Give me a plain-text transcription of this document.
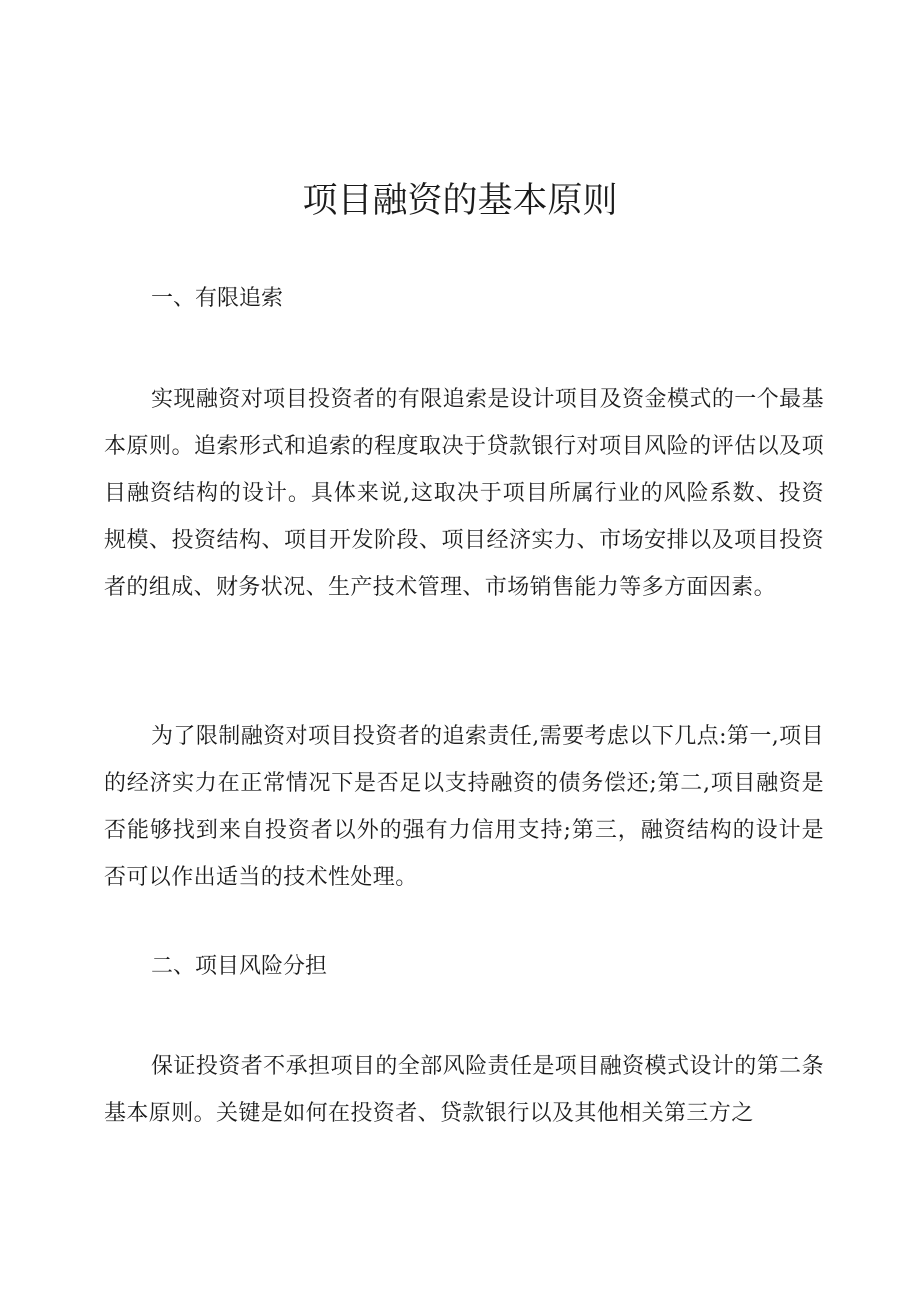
项目融资的基本原则

一、有限追索

实现融资对项目投资者的有限追索是设计项目及资金模式的一个最基本原则。追索形式和追索的程度取决于贷款银行对项目风险的评估以及项目融资结构的设计。具体来说,这取决于项目所属行业的风险系数、投资规模、投资结构、项目开发阶段、项目经济实力、市场安排以及项目投资者的组成、财务状况、生产技术管理、市场销售能力等多方面因素。

为了限制融资对项目投资者的追索责任,需要考虑以下几点:第一,项目的经济实力在正常情况下是否足以支持融资的债务偿还;第二,项目融资是否能够找到来自投资者以外的强有力信用支持;第三，融资结构的设计是否可以作出适当的技术性处理。

二、项目风险分担

保证投资者不承担项目的全部风险责任是项目融资模式设计的第二条基本原则。关键是如何在投资者、贷款银行以及其他相关第三方之
